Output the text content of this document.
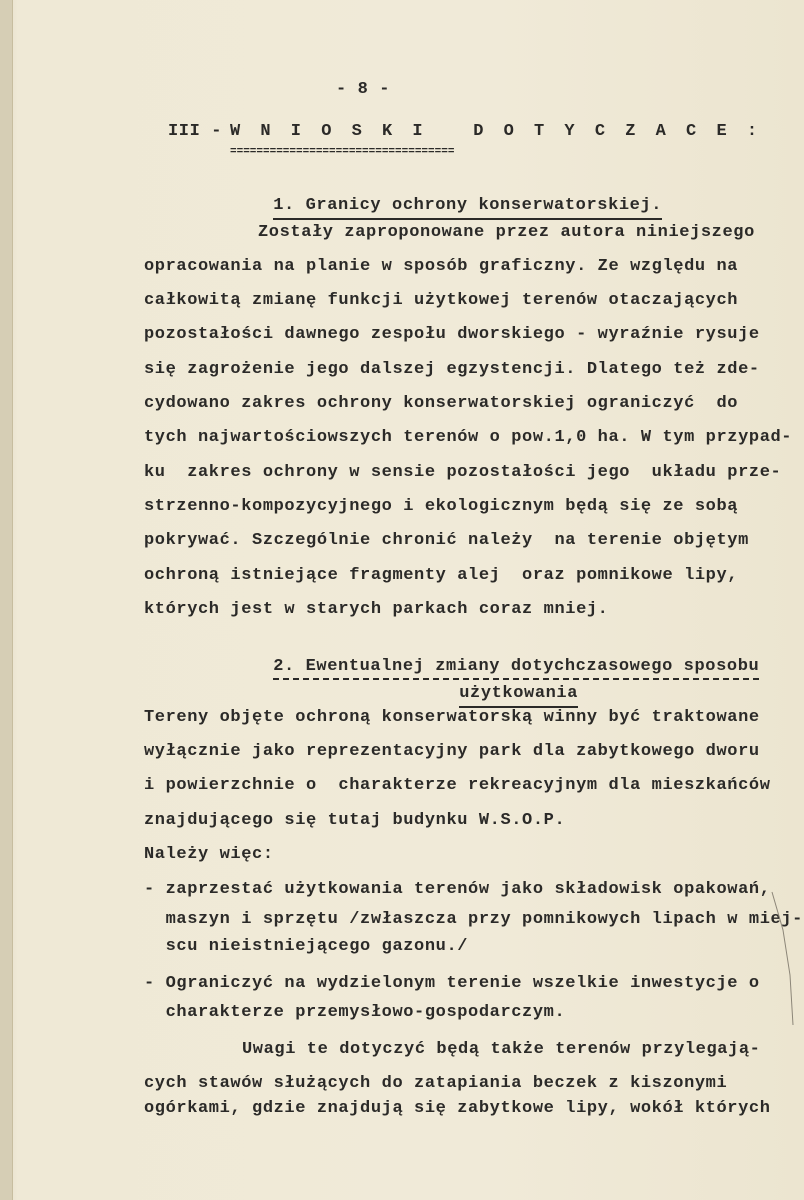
- 8 -
III - W N I O S K I   D O T Y C Z A C E :
==================================

1. Granicy ochrony konserwatorskiej.

Zostały zaproponowane przez autora niniejszego
opracowania na planie w sposób graficzny. Ze względu na
całkowitą zmianę funkcji użytkowej terenów otaczających
pozostałości dawnego zespołu dworskiego - wyraźnie rysuje
się zagrożenie jego dalszej egzystencji. Dlatego też zde-
cydowano zakres ochrony konserwatorskiej ograniczyć  do
tych najwartościowszych terenów o pow.1,0 ha. W tym przypad-
ku  zakres ochrony w sensie pozostałości jego  układu prze-
strzenno-kompozycyjnego i ekologicznym będą się ze sobą
pokrywać. Szczególnie chronić należy  na terenie objętym
ochroną istniejące fragmenty alej  oraz pomnikowe lipy,
których jest w starych parkach coraz mniej.

2. Ewentualnej zmiany dotychczasowego sposobu

użytkowania

Tereny objęte ochroną konserwatorską winny być traktowane
wyłącznie jako reprezentacyjny park dla zabytkowego dworu
i powierzchnie o  charakterze rekreacyjnym dla mieszkańców
znajdującego się tutaj budynku W.S.O.P.
Należy więc:
- zaprzestać użytkowania terenów jako składowisk opakowań,
maszyn i sprzętu /zwłaszcza przy pomnikowych lipach w miej-
scu nieistniejącego gazonu./
- Ograniczyć na wydzielonym terenie wszelkie inwestycje o
charakterze przemysłowo-gospodarczym.
Uwagi te dotyczyć będą także terenów przylegają-
cych stawów służących do zatapiania beczek z kiszonymi
ogórkami, gdzie znajdują się zabytkowe lipy, wokół których
